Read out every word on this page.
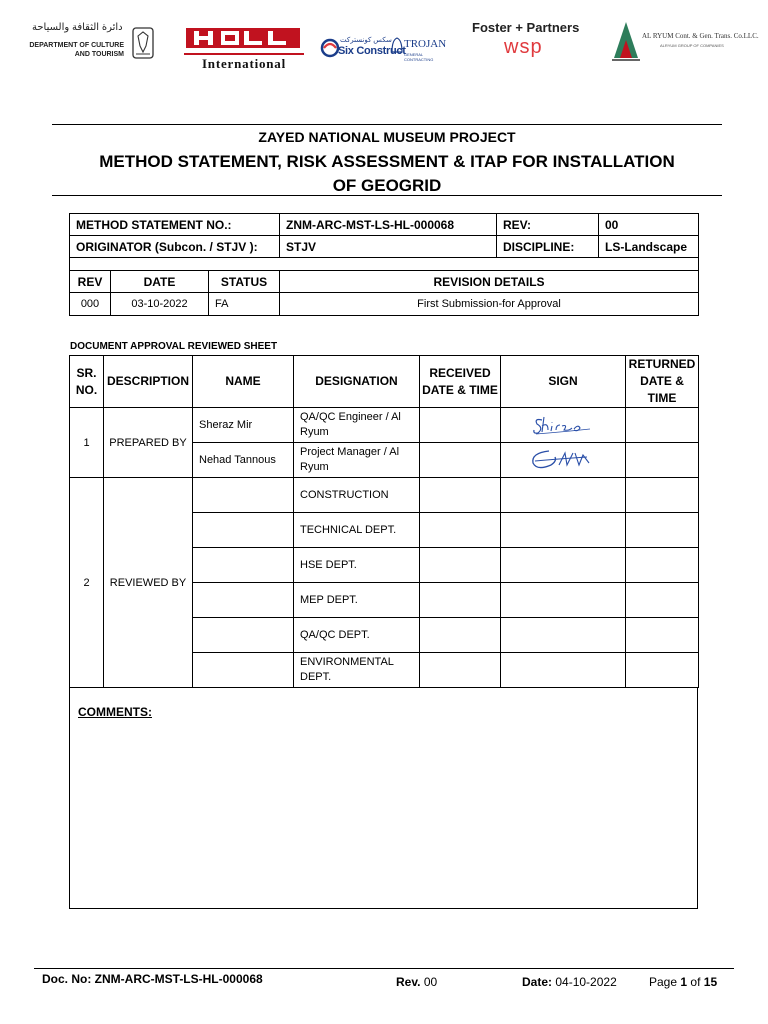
دائرة الثقافة والسياحة
DEPARTMENT OF CULTURE
AND TOURISM
International
سكس كونستركت
Six Construct
TROJAN
GENERAL CONTRACTING
Foster + Partners
wsp	AL RYUM Cont. & Gen. Trans. Co.LLC.
ALRYUM GROUP OF COMPANIES
ZAYED NATIONAL MUSEUM PROJECT
METHOD STATEMENT, RISK ASSESSMENT & ITAP FOR INSTALLATION OF GEOGRID
METHOD STATEMENT NO.:	ZNM-ARC-MST-LS-HL-000068	REV:	00
ORIGINATOR (Subcon. / STJV ):	STJV	DISCIPLINE:	LS-Landscape

REV	DATE	STATUS	REVISION DETAILS
000	03-10-2022	FA	First Submission-for Approval
DOCUMENT APPROVAL REVIEWED SHEET
SR. NO.	DESCRIPTION	NAME	DESIGNATION	RECEIVED DATE & TIME	SIGN	RETURNED DATE & TIME
1	PREPARED BY	Sheraz Mir	QA/QC Engineer / Al Ryum		

		Nehad Tannous	Project Manager / Al Ryum		

2	REVIEWED BY		CONSTRUCTION			
			TECHNICAL DEPT.			
			HSE DEPT.			
			MEP DEPT.			
			QA/QC DEPT.			
			ENVIRONMENTAL DEPT.			
COMMENTS:
Doc. No: ZNM-ARC-MST-LS-HL-000068	Rev. 00	Date: 04-10-2022	Page 1 of 15
